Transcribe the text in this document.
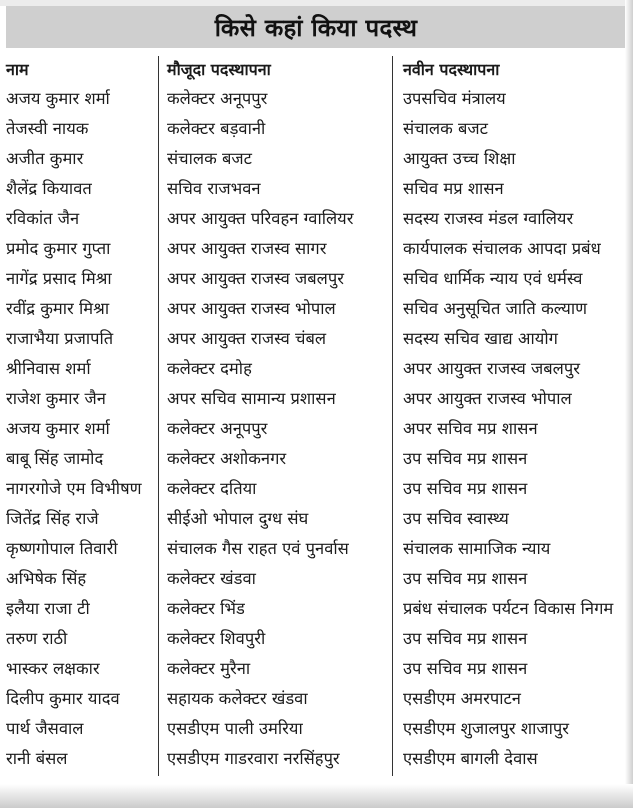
किसे कहां किया पदस्थ
नाम
अजय कुमार शर्मा
तेजस्वी नायक
अजीत कुमार
शैलेंद्र कियावत
रविकांत जैन
प्रमोद कुमार गुप्ता
नागेंद्र प्रसाद मिश्रा
रवींद्र कुमार मिश्रा
राजाभैया प्रजापति
श्रीनिवास शर्मा
राजेश कुमार जैन
अजय कुमार शर्मा
बाबू सिंह जामोद
नागरगोजे एम विभीषण
जितेंद्र सिंह राजे
कृष्णगोपाल तिवारी
अभिषेक सिंह
इलैया राजा टी
तरुण राठी
भास्कर लक्षकार
दिलीप कुमार यादव
पार्थ जैसवाल
रानी बंसल
मौजूदा पदस्थापना
कलेक्टर अनूपपुर
कलेक्टर बड़वानी
संचालक बजट
सचिव राजभवन
अपर आयुक्त परिवहन ग्वालियर
अपर आयुक्त राजस्व सागर
अपर आयुक्त राजस्व जबलपुर
अपर आयुक्त राजस्व भोपाल
अपर आयुक्त राजस्व चंबल
कलेक्टर दमोह
अपर सचिव सामान्य प्रशासन
कलेक्टर अनूपपुर
कलेक्टर अशोकनगर
कलेक्टर दतिया
सीईओ भोपाल दुग्ध संघ
संचालक गैस राहत एवं पुनर्वास
कलेक्टर खंडवा
कलेक्टर भिंड
कलेक्टर शिवपुरी
कलेक्टर मुरैना
सहायक कलेक्टर खंडवा
एसडीएम पाली उमरिया
एसडीएम गाडरवारा नरसिंहपुर
नवीन पदस्थापना
उपसचिव मंत्रालय
संचालक बजट
आयुक्त उच्च शिक्षा
सचिव मप्र शासन
सदस्य राजस्व मंडल ग्वालियर
कार्यपालक संचालक आपदा प्रबंध
सचिव धार्मिक न्याय एवं धर्मस्व
सचिव अनुसूचित जाति कल्याण
सदस्य सचिव खाद्य आयोग
अपर आयुक्त राजस्व जबलपुर
अपर आयुक्त राजस्व भोपाल
अपर सचिव मप्र शासन
उप सचिव मप्र शासन
उप सचिव मप्र शासन
उप सचिव स्वास्थ्य
संचालक सामाजिक न्याय
उप सचिव मप्र शासन
प्रबंध संचालक पर्यटन विकास निगम
उप सचिव मप्र शासन
उप सचिव मप्र शासन
एसडीएम अमरपाटन
एसडीएम शुजालपुर शाजापुर
एसडीएम बागली देवास
